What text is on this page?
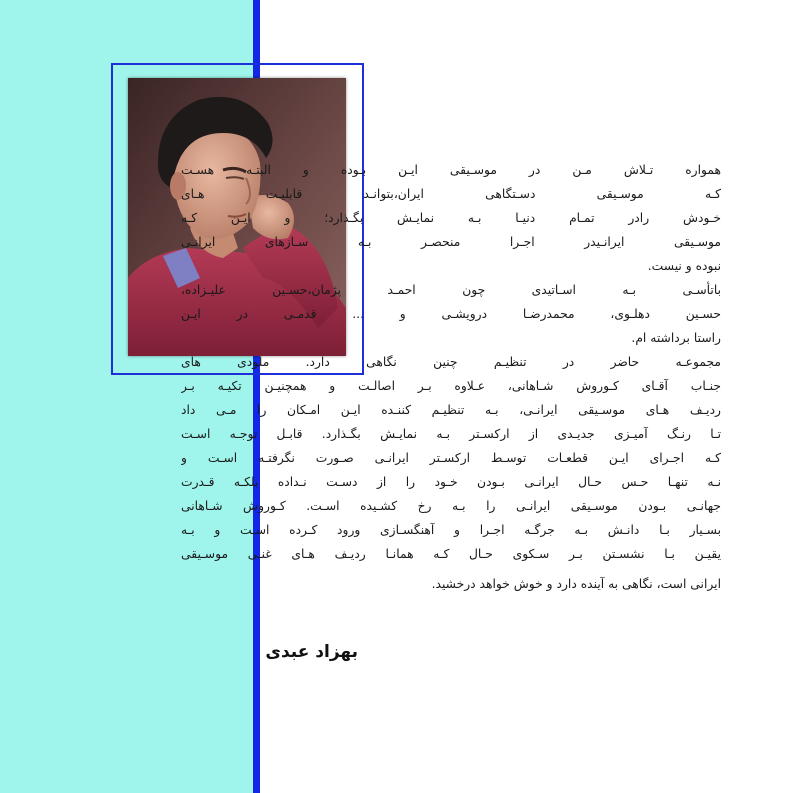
همواره تـلاش مـن در موسـیقی ایـن بـوده و البتـه هسـت
کـه موسـیقی دسـتگاهی ایران،بتوانـد قابلیـت هـای
خـودش رادر تمـام دنیـا بـه نمایـش بگـذارد؛ و ایـن کـه
موسـیقی ایرانـیدر اجـرا منحصـر بـه سـازهای ایرانـی
نبوده و نیست.
باتأسـی بـه اسـاتیدی چون احمـد پژمان،حسـین علیـزاده،
حسـین دهلـوی، محمدرضـا درویشـی و ... قدمـی در ایـن
راستا برداشته ام.
مجموعـه حاضر در تنظیـم چنین نگاهی دارد. ملودی های
جنـاب آقـای کـوروش شـاهانی، عـلاوه بـر اصالـت و همچنیـن تکیـه بـر
ردیـف هـای موسـیقی ایرانـی، بـه تنظیـم کننـده ایـن امـکان را مـی داد
تـا رنـگ آمیـزی جدیـدی از ارکسـتر بـه نمایـش بگـذارد. قابـل توجـه اسـت
کـه اجـرای ایـن قطعـات توسـط ارکسـتر ایرانـی صـورت نگرفتـه اسـت و
نـه تنهـا حـس حـال ایرانـی بـودن خـود را از دسـت نـداده بلکـه قـدرت
جهانـی بـودن موسـیقی ایرانـی را بـه رخ کشـیده اسـت. کـوروش شـاهانی
بسـیار بـا دانـش بـه جرگـه اجـرا و آهنگسـازی ورود کـرده اسـت و بـه
یقیـن بـا نشسـتن بـر سـکوی حـال کـه همانـا ردیـف هـای غنـی موسـیقی
ایرانی است، نگاهی به آینده دارد و خوش خواهد درخشید.
بهزاد عبدی
